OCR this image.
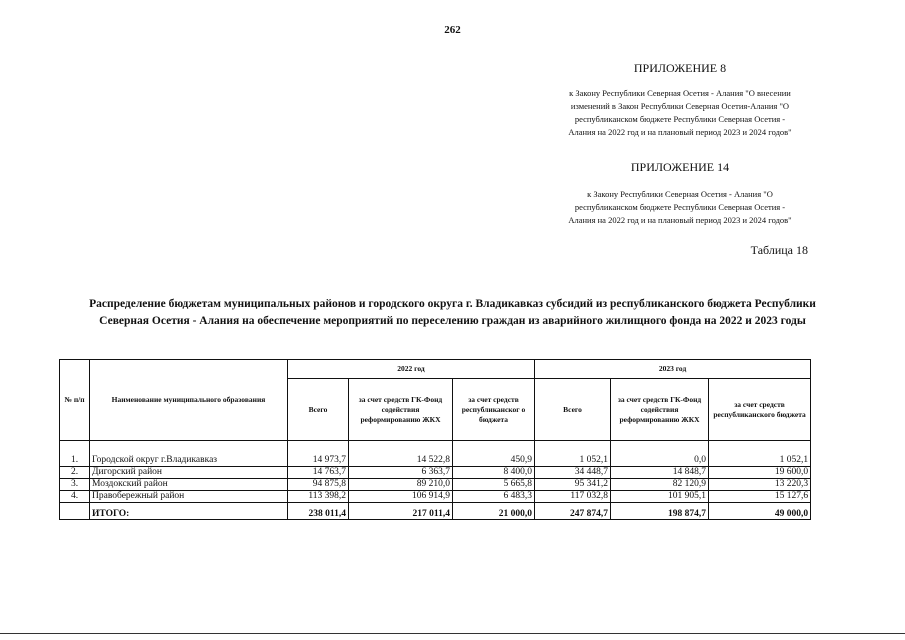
262
ПРИЛОЖЕНИЕ 8
к Закону Республики Северная Осетия - Алания "О внесении
изменений в Закон Республики Северная Осетия-Алания "О
республиканском бюджете Республики Северная Осетия -
Алания на 2022 год и на плановый период 2023 и 2024 годов"
ПРИЛОЖЕНИЕ 14
к Закону Республики Северная Осетия - Алания "О
республиканском бюджете Республики Северная Осетия -
Алания на 2022 год и на плановый период 2023 и 2024 годов"
Таблица 18
Распределение бюджетам муниципальных районов и городского округа г. Владикавказ субсидий из республиканского бюджета Республики
Северная Осетия - Алания на обеспечение мероприятий по переселению граждан из аварийного жилищного фонда на 2022 и 2023 годы
№ п/п	Наименование муниципального образования	2022 год			2023 год		
		Всего	за счет средств ГК-Фонд содействия реформированию ЖКХ	за счет средств республиканског о бюджета	Всего	за счет средств ГК-Фонд содействия реформированию ЖКХ	за счет средств республиканского бюджета

1.	Городской округ г.Владикавказ	14 973,7	14 522,8	450,9	1 052,1	0,0	1 052,1
2.	Дигорский район	14 763,7	6 363,7	8 400,0	34 448,7	14 848,7	19 600,0
3.	Моздокский район	94 875,8	89 210,0	5 665,8	95 341,2	82 120,9	13 220,3
4.	Правобережный район	113 398,2	106 914,9	6 483,3	117 032,8	101 905,1	15 127,6
	ИТОГО:	238 011,4	217 011,4	21 000,0	247 874,7	198 874,7	49 000,0
